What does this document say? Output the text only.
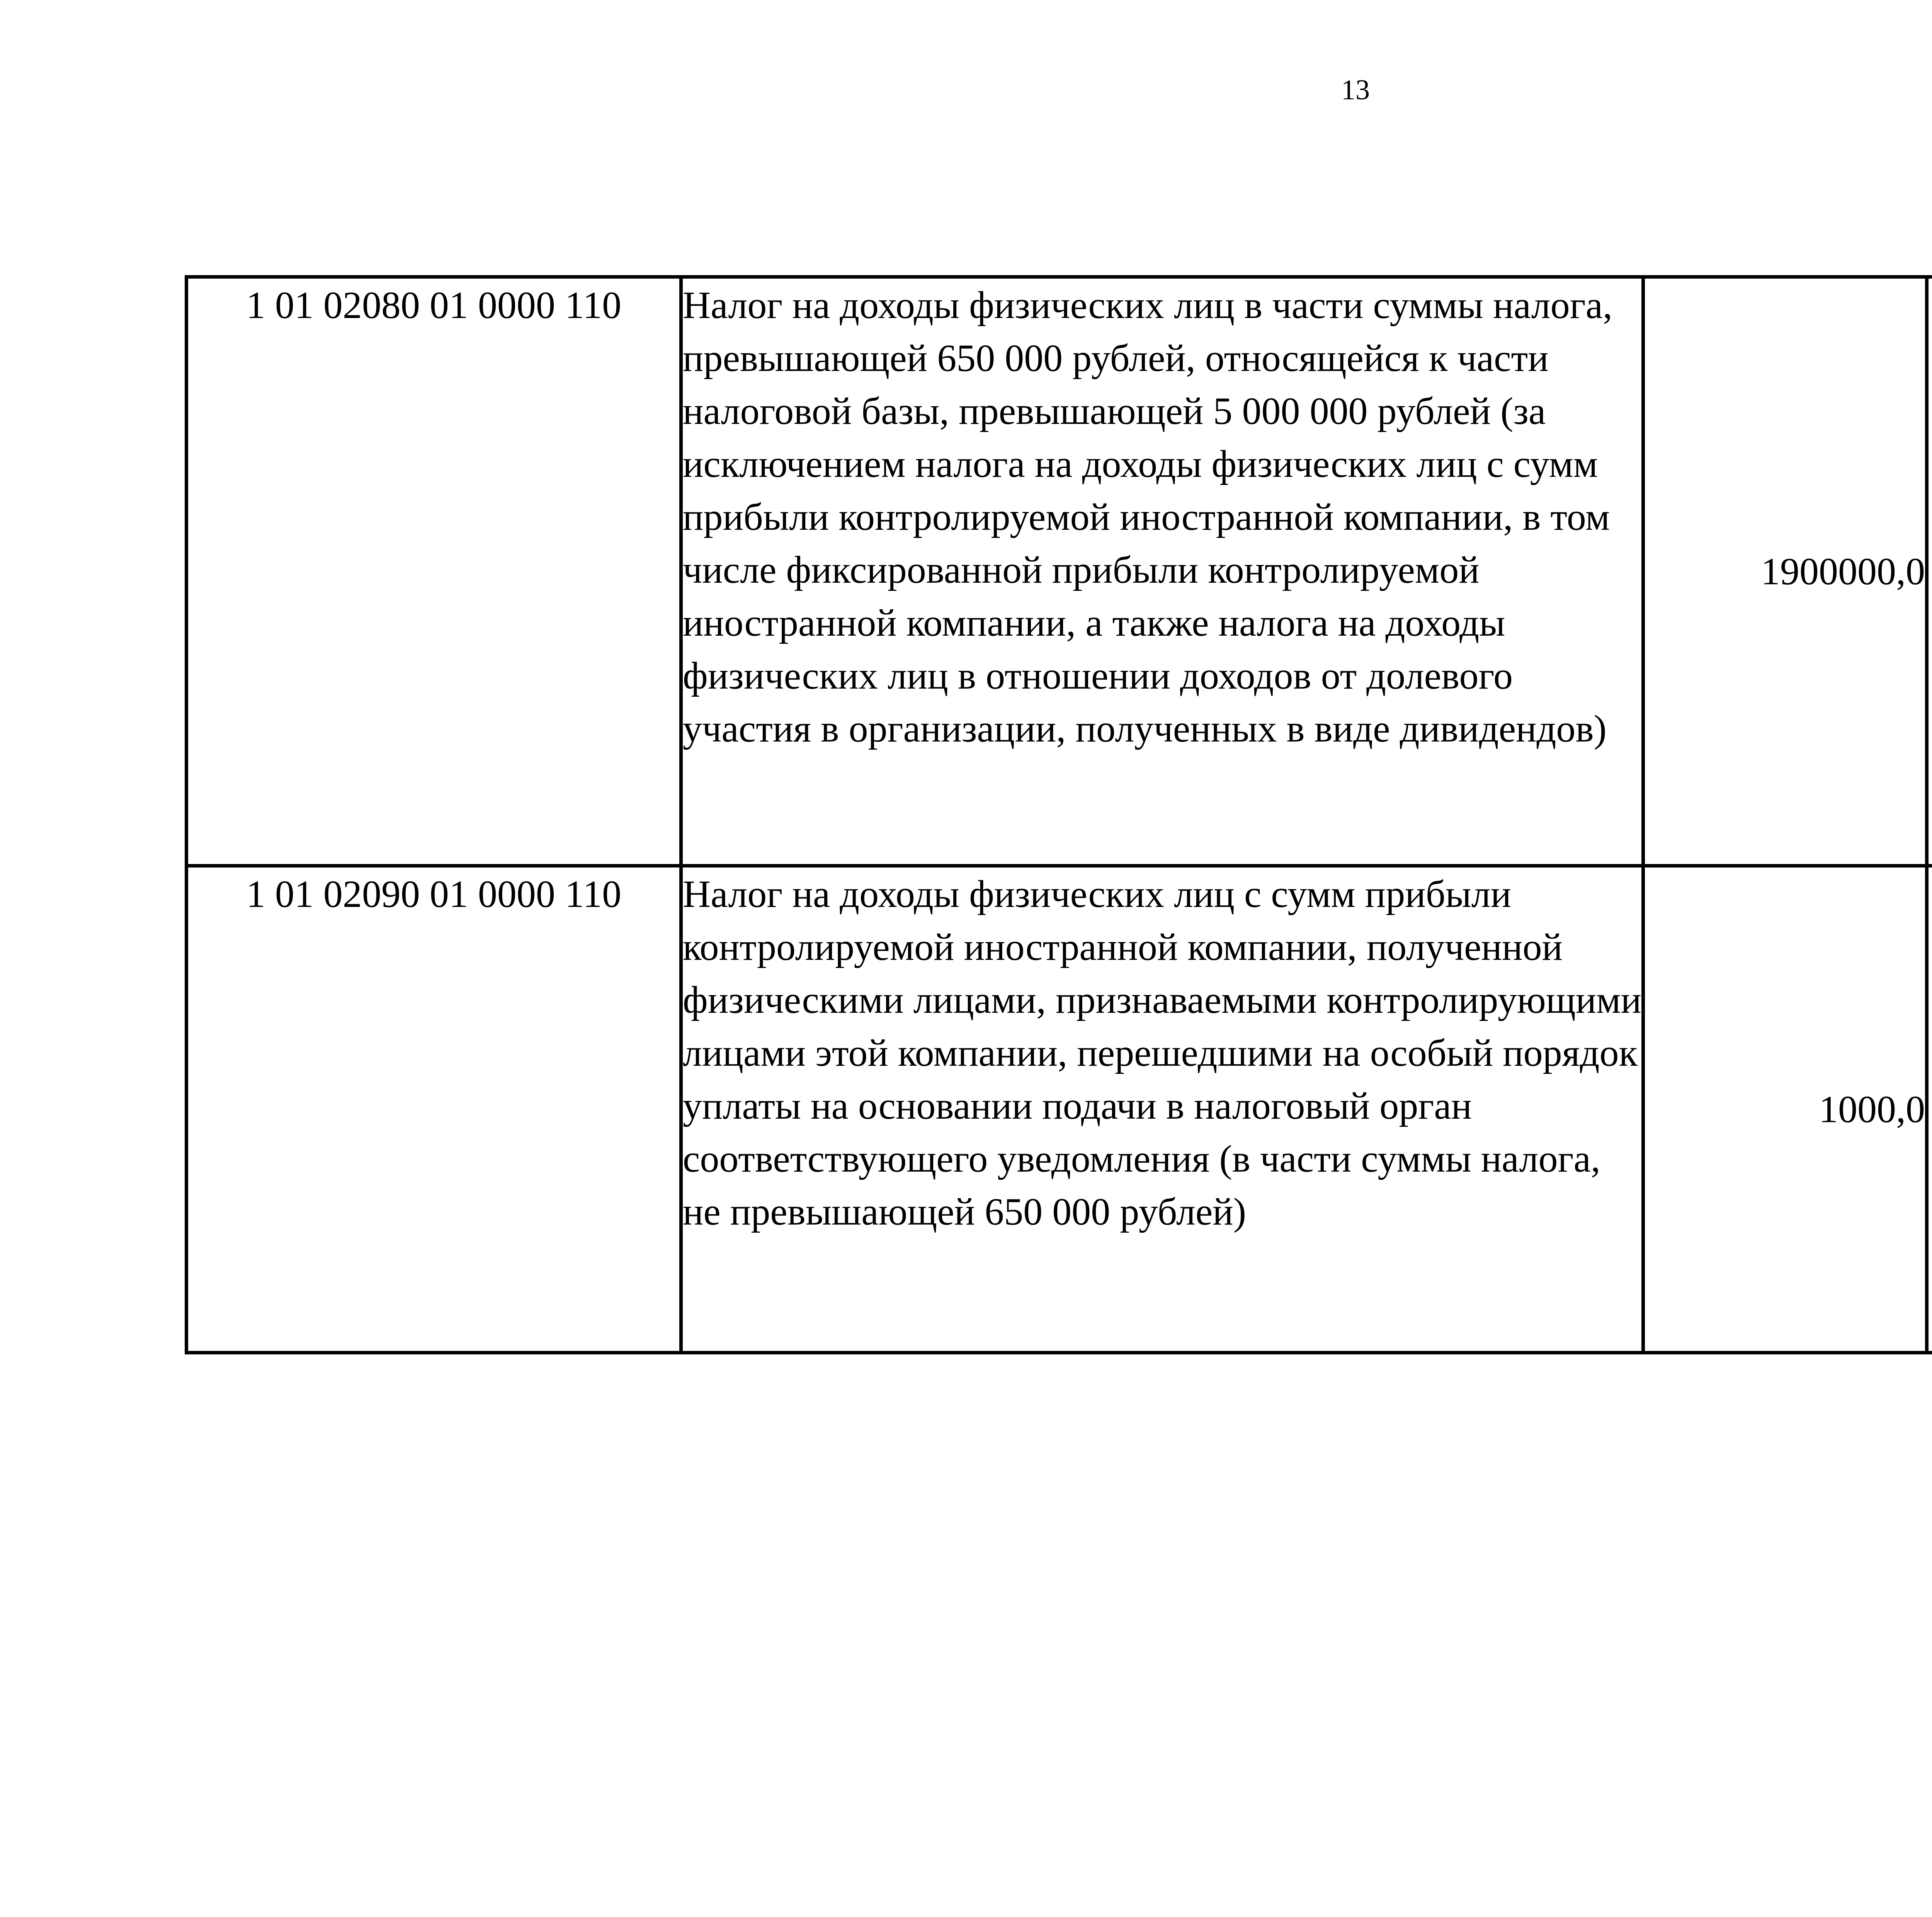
13
1 01 02080 01 0000 110	Налог на доходы физических лиц в части суммы налога, превышающей 650 000 рублей, относящейся к части налоговой базы, превышающей 5 000 000 рублей (за исключением налога на доходы физических лиц с сумм прибыли контролируемой иностранной компании, в том числе фиксированной прибыли контролируемой иностранной компании, а также налога на доходы физических лиц в отношении доходов от долевого участия в организации, полученных в виде дивидендов)	1900000,0		
1 01 02090 01 0000 110	Налог на доходы физических лиц с сумм прибыли контролируемой иностранной компании, полученной физическими лицами, признаваемыми контролирующими лицами этой компании, перешедшими на особый порядок уплаты на основании подачи в налоговый орган соответствующего уведомления (в части суммы налога, не превышающей 650 000 рублей)	1000,0		
